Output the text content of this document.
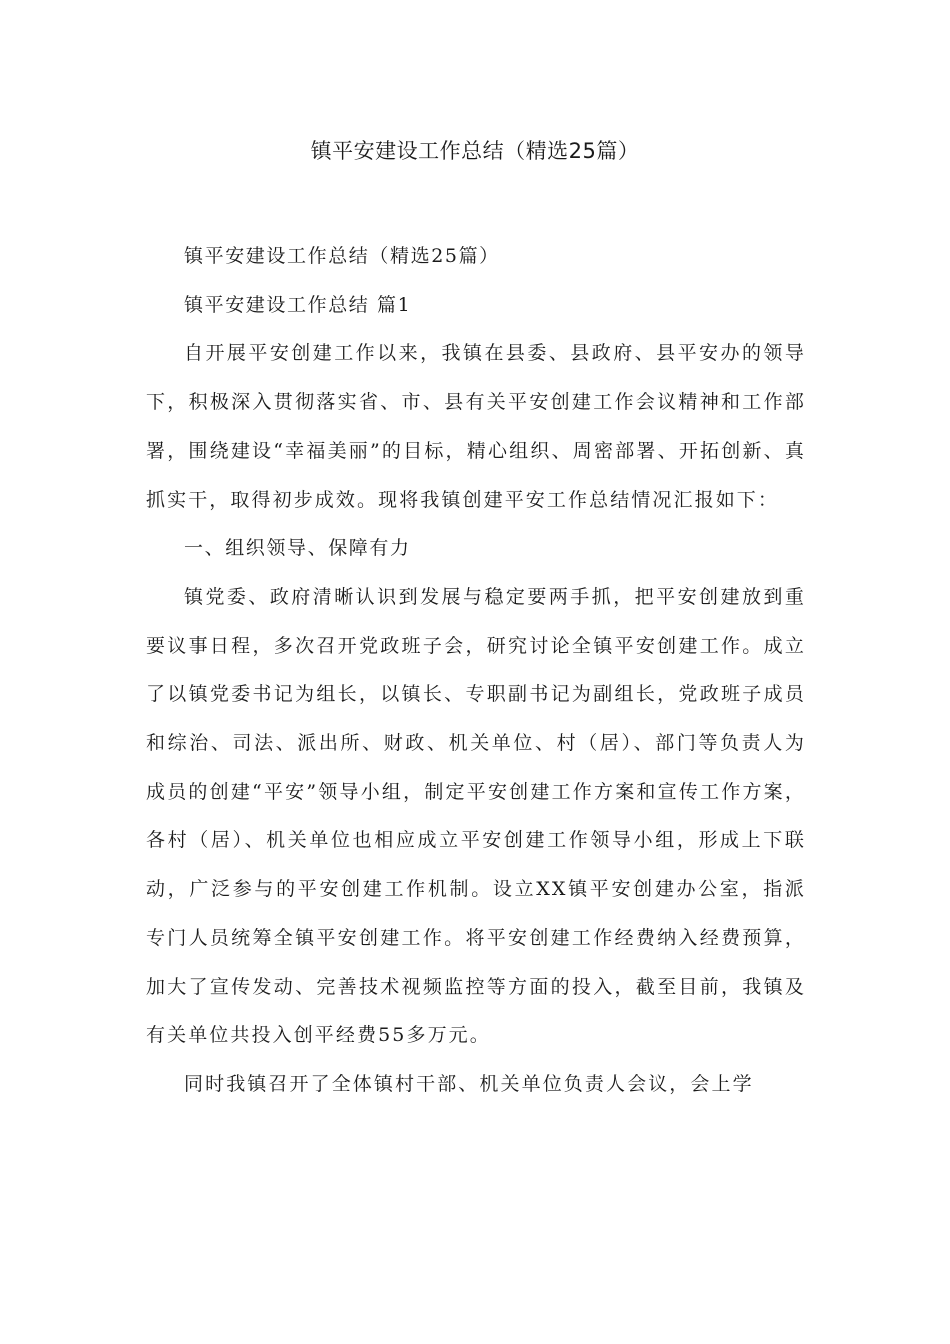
镇平安建设工作总结（精选25篇）

镇平安建设工作总结（精选25篇）

镇平安建设工作总结 篇1

自开展平安创建工作以来，我镇在县委、县政府、县平安办的领导下，积极深入贯彻落实省、市、县有关平安创建工作会议精神和工作部署，围绕建设“幸福美丽”的目标，精心组织、周密部署、开拓创新、真抓实干，取得初步成效。现将我镇创建平安工作总结情况汇报如下：

一、组织领导、保障有力

镇党委、政府清晰认识到发展与稳定要两手抓，把平安创建放到重要议事日程，多次召开党政班子会，研究讨论全镇平安创建工作。成立了以镇党委书记为组长，以镇长、专职副书记为副组长，党政班子成员和综治、司法、派出所、财政、机关单位、村（居）、部门等负责人为成员的创建“平安”领导小组，制定平安创建工作方案和宣传工作方案，各村（居）、机关单位也相应成立平安创建工作领导小组，形成上下联动，广泛参与的平安创建工作机制。设立XX镇平安创建办公室，指派专门人员统筹全镇平安创建工作。将平安创建工作经费纳入经费预算，加大了宣传发动、完善技术视频监控等方面的投入，截至目前，我镇及有关单位共投入创平经费55多万元。

同时我镇召开了全体镇村干部、机关单位负责人会议，会上学
